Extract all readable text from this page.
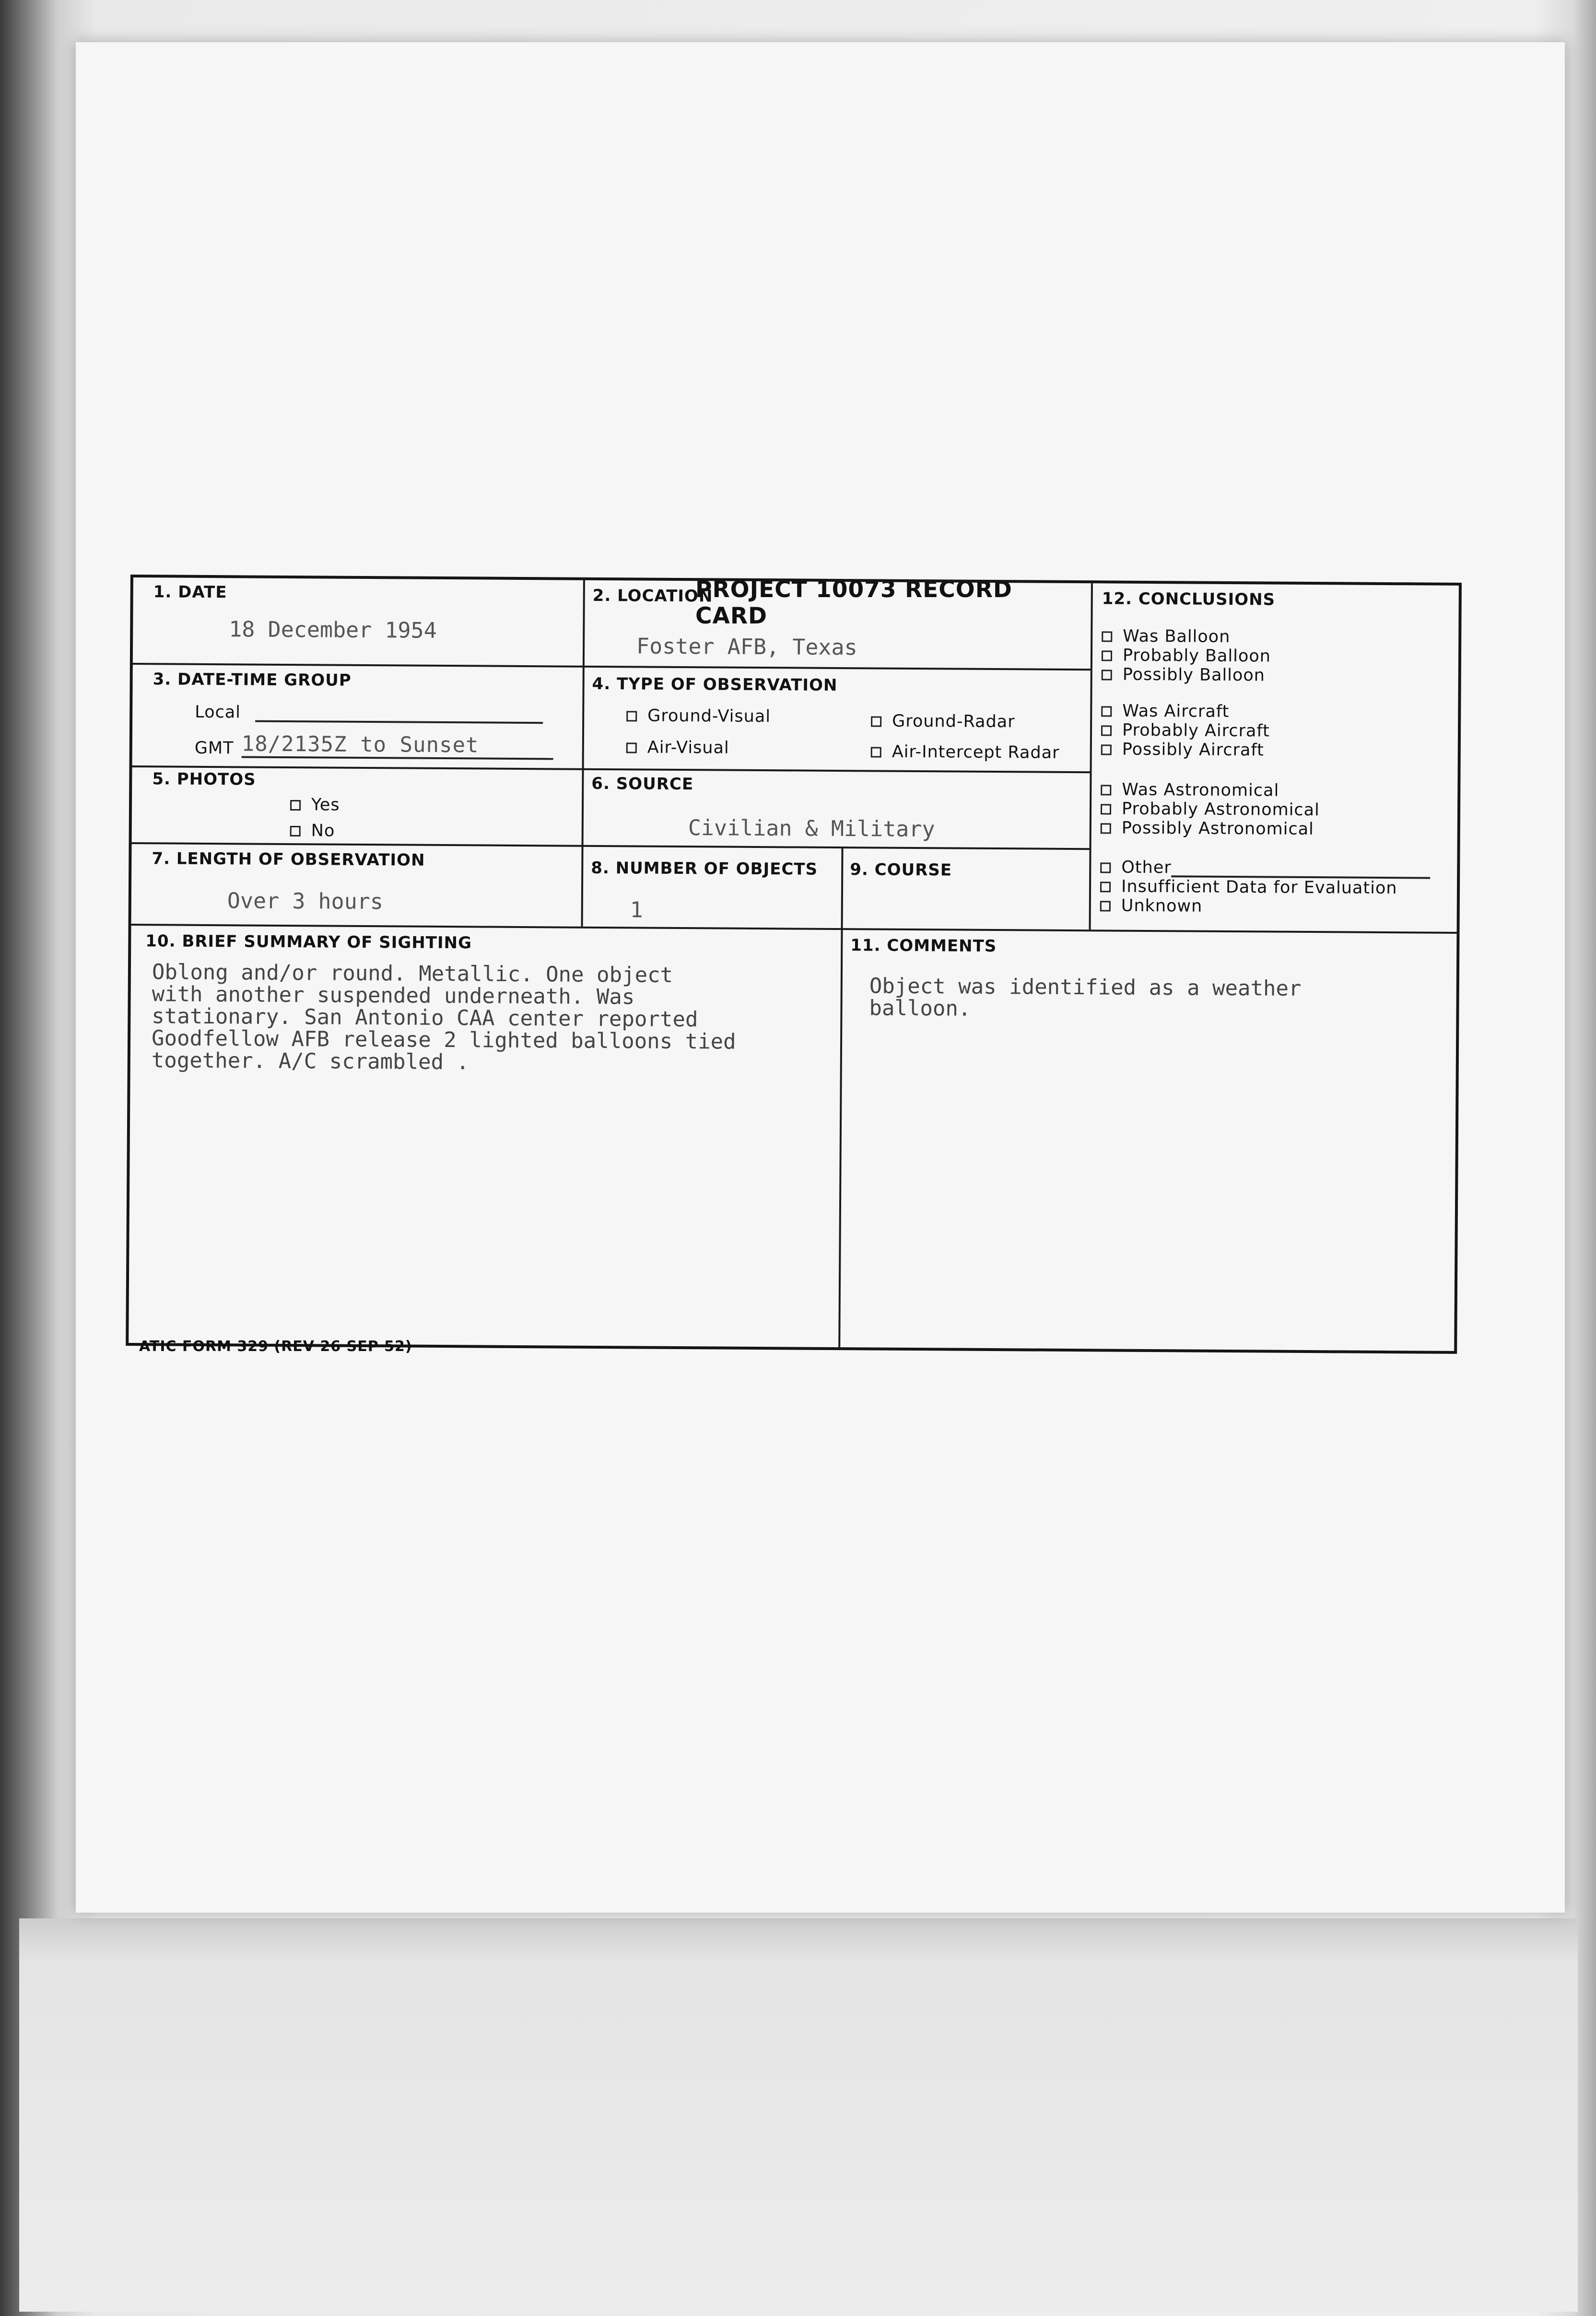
PROJECT 10073 RECORD CARD
1. DATE
18 December 1954
2. LOCATION
Foster AFB, Texas
3. DATE-TIME GROUP
Local
GMT 18/2135Z to Sunset
4. TYPE OF OBSERVATION
Ground-Visual	Ground-Radar
Air-Visual	Air-Intercept Radar
5. PHOTOS
Yes
No
6. SOURCE
Civilian & Military
7. LENGTH OF OBSERVATION
Over 3 hours
8. NUMBER OF OBJECTS
1
9. COURSE
12. CONCLUSIONS
Was Balloon
Probably Balloon
Possibly Balloon
Was Aircraft
Probably Aircraft
Possibly Aircraft
Was Astronomical
Probably Astronomical
Possibly Astronomical
Other
Insufficient Data for Evaluation
Unknown
10. BRIEF SUMMARY OF SIGHTING
Oblong and/or round. Metallic. One object
with another suspended underneath. Was
stationary. San Antonio CAA center reported
Goodfellow AFB release 2 lighted balloons tied
together. A/C scrambled .
11. COMMENTS
Object was identified as a weather
balloon.
ATIC FORM 329 (REV 26 SEP 52)
